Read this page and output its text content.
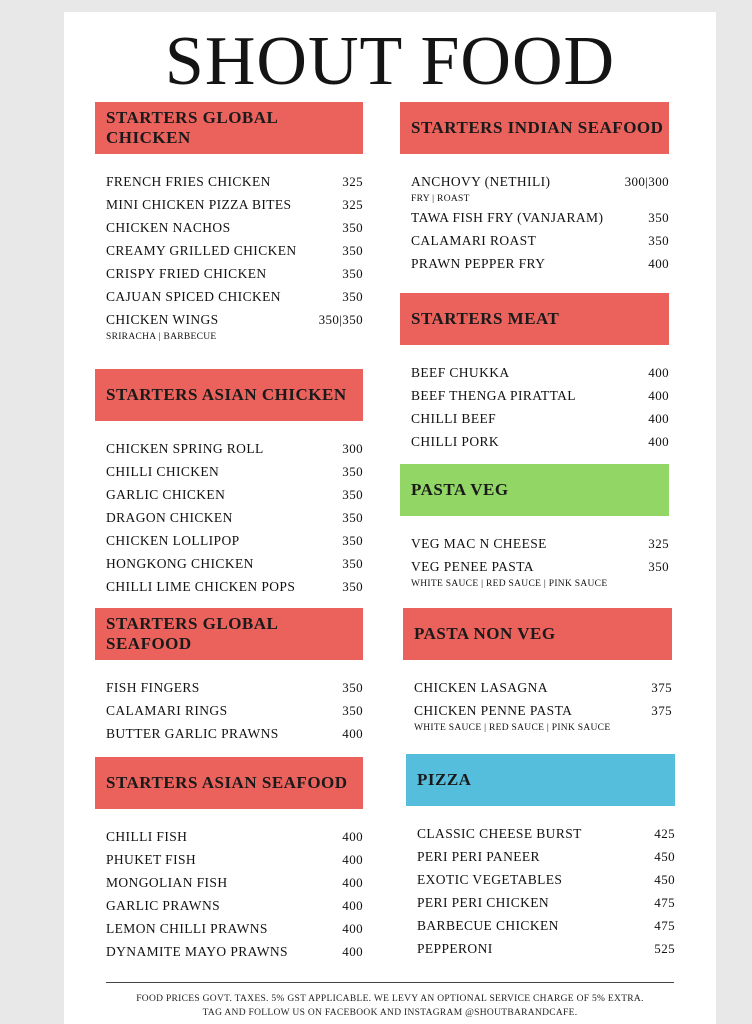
SHOUT FOOD
STARTERS GLOBAL CHICKEN
FRENCH FRIES CHICKEN	325
MINI CHICKEN PIZZA BITES	325
CHICKEN NACHOS	350
CREAMY GRILLED CHICKEN	350
CRISPY FRIED CHICKEN	350
CAJUAN SPICED CHICKEN	350
CHICKEN WINGS	350|350
SRIRACHA | BARBECUE
STARTERS ASIAN CHICKEN
CHICKEN SPRING ROLL	300
CHILLI CHICKEN	350
GARLIC CHICKEN	350
DRAGON CHICKEN	350
CHICKEN LOLLIPOP	350
HONGKONG CHICKEN	350
CHILLI LIME CHICKEN POPS	350
STARTERS GLOBAL SEAFOOD
FISH FINGERS	350
CALAMARI RINGS	350
BUTTER GARLIC PRAWNS	400
STARTERS ASIAN SEAFOOD
CHILLI FISH	400
PHUKET FISH	400
MONGOLIAN FISH	400
GARLIC PRAWNS	400
LEMON CHILLI PRAWNS	400
DYNAMITE MAYO PRAWNS	400
STARTERS INDIAN SEAFOOD
ANCHOVY (NETHILI)	300|300
FRY | ROAST
TAWA FISH FRY (VANJARAM)	350
CALAMARI ROAST	350
PRAWN PEPPER FRY	400
STARTERS MEAT
BEEF CHUKKA	400
BEEF THENGA PIRATTAL	400
CHILLI BEEF	400
CHILLI PORK	400
PASTA VEG
VEG MAC N CHEESE	325
VEG PENEE PASTA	350
WHITE SAUCE | RED SAUCE | PINK SAUCE
PASTA NON VEG
CHICKEN LASAGNA	375
CHICKEN PENNE PASTA	375
WHITE SAUCE | RED SAUCE | PINK SAUCE
PIZZA
CLASSIC CHEESE BURST	425
PERI PERI PANEER	450
EXOTIC VEGETABLES	450
PERI PERI CHICKEN	475
BARBECUE CHICKEN	475
PEPPERONI	525
FOOD PRICES GOVT. TAXES. 5% GST APPLICABLE. WE LEVY AN OPTIONAL SERVICE CHARGE OF 5% EXTRA.
TAG AND FOLLOW US ON FACEBOOK AND INSTAGRAM @SHOUTBARANDCAFE.
